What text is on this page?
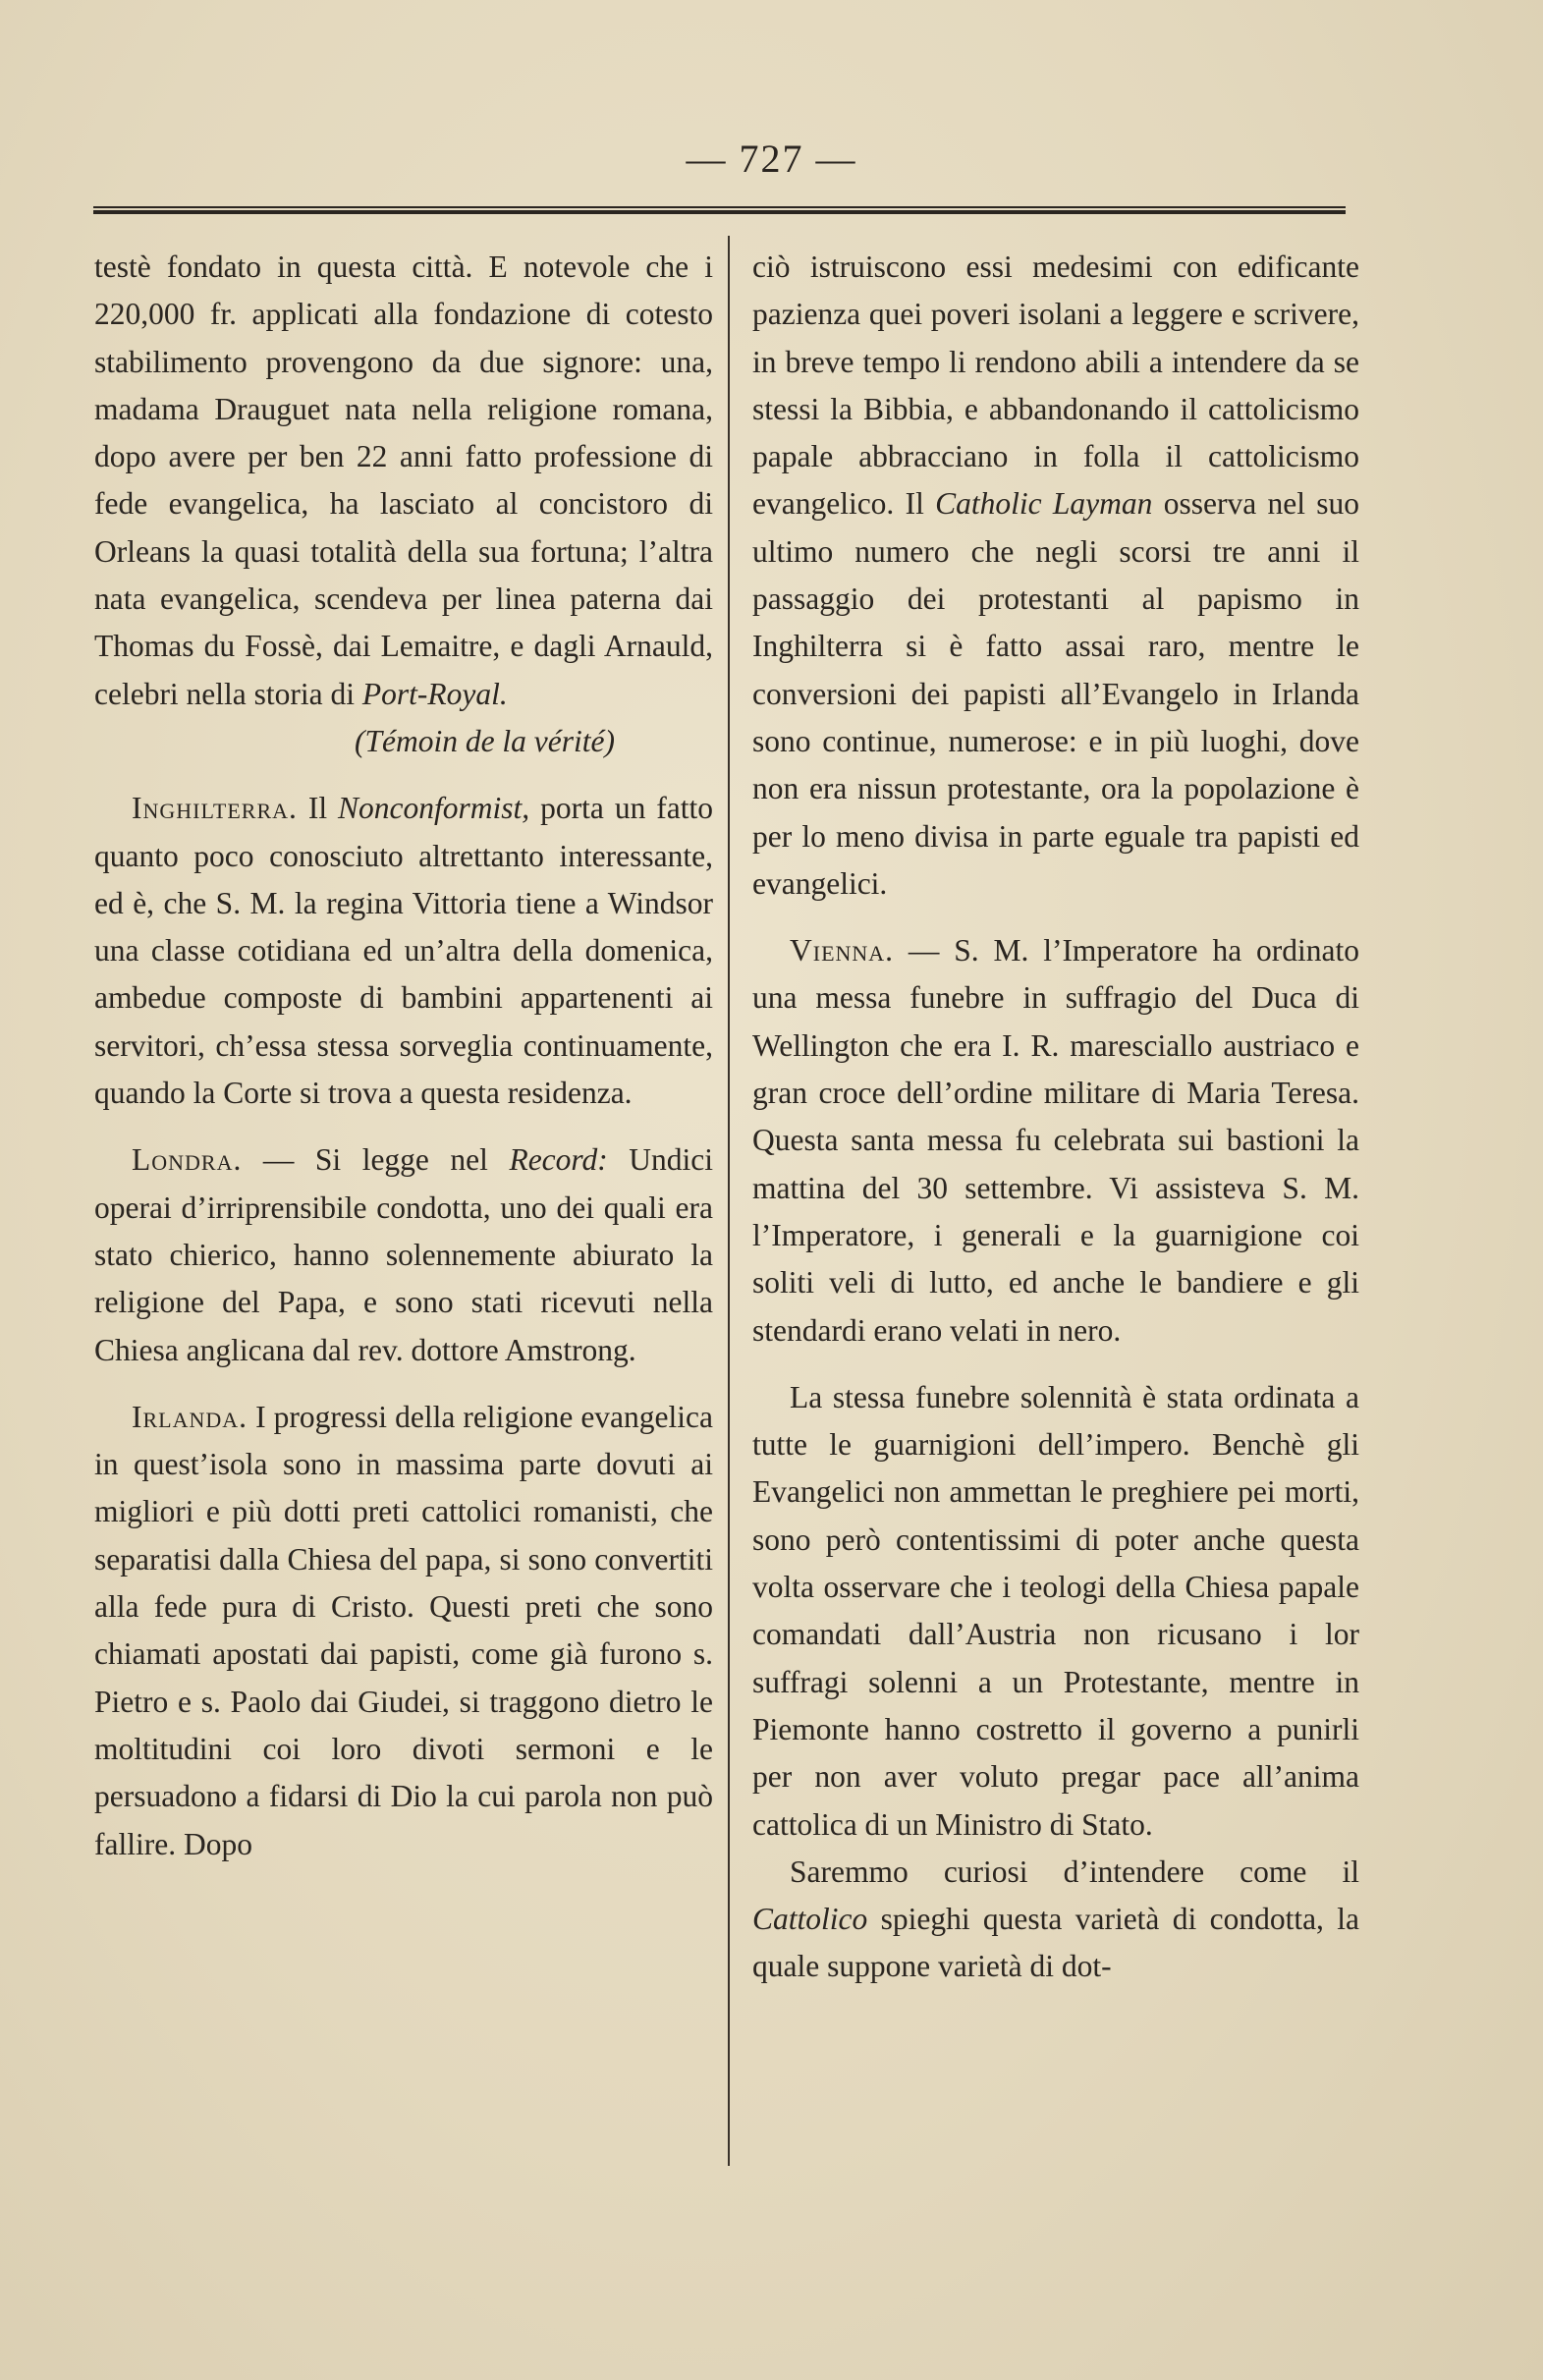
— 727 —

testè fondato in questa città. E notevole che i 220,000 fr. applicati alla fondazione di cotesto stabilimento provengono da due signore: una, madama Drauguet nata nella religione romana, dopo avere per ben 22 anni fatto professione di fede evangelica, ha lasciato al concistoro di Orleans la quasi totalità della sua fortuna; l’altra nata evangelica, scendeva per linea paterna dai Thomas du Fossè, dai Lemaitre, e dagli Arnauld, celebri nella storia di Port-Royal.

(Témoin de la vérité)

Inghilterra. Il Nonconformist, porta un fatto quanto poco conosciuto altrettanto interessante, ed è, che S. M. la regina Vittoria tiene a Windsor una classe cotidiana ed un’altra della domenica, ambedue composte di bambini appartenenti ai servitori, ch’essa stessa sorveglia continuamente, quando la Corte si trova a questa residenza.

Londra. — Si legge nel Record: Undici operai d’irriprensibile condotta, uno dei quali era stato chierico, hanno solennemente abiurato la religione del Papa, e sono stati ricevuti nella Chiesa anglicana dal rev. dottore Amstrong.

Irlanda. I progressi della religione evangelica in quest’isola sono in massima parte dovuti ai migliori e più dotti preti cattolici romanisti, che separatisi dalla Chiesa del papa, si sono convertiti alla fede pura di Cristo. Questi preti che sono chiamati apostati dai papisti, come già furono s. Pietro e s. Paolo dai Giudei, si traggono dietro le moltitudini coi loro divoti sermoni e le persuadono a fidarsi di Dio la cui parola non può fallire. Dopo

ciò istruiscono essi medesimi con edificante pazienza quei poveri isolani a leggere e scrivere, in breve tempo li rendono abili a intendere da se stessi la Bibbia, e abbandonando il cattolicismo papale abbracciano in folla il cattolicismo evangelico. Il Catholic Layman osserva nel suo ultimo numero che negli scorsi tre anni il passaggio dei protestanti al papismo in Inghilterra si è fatto assai raro, mentre le conversioni dei papisti all’Evangelo in Irlanda sono continue, numerose: e in più luoghi, dove non era nissun protestante, ora la popolazione è per lo meno divisa in parte eguale tra papisti ed evangelici.

Vienna. — S. M. l’Imperatore ha ordinato una messa funebre in suffragio del Duca di Wellington che era I. R. maresciallo austriaco e gran croce dell’ordine militare di Maria Teresa. Questa santa messa fu celebrata sui bastioni la mattina del 30 settembre. Vi assisteva S. M. l’Imperatore, i generali e la guarnigione coi soliti veli di lutto, ed anche le bandiere e gli stendardi erano velati in nero.

La stessa funebre solennità è stata ordinata a tutte le guarnigioni dell’impero. Benchè gli Evangelici non ammettan le preghiere pei morti, sono però contentissimi di poter anche questa volta osservare che i teologi della Chiesa papale comandati dall’Austria non ricusano i lor suffragi solenni a un Protestante, mentre in Piemonte hanno costretto il governo a punirli per non aver voluto pregar pace all’anima cattolica di un Ministro di Stato.

Saremmo curiosi d’intendere come il Cattolico spieghi questa varietà di condotta, la quale suppone varietà di dot-
